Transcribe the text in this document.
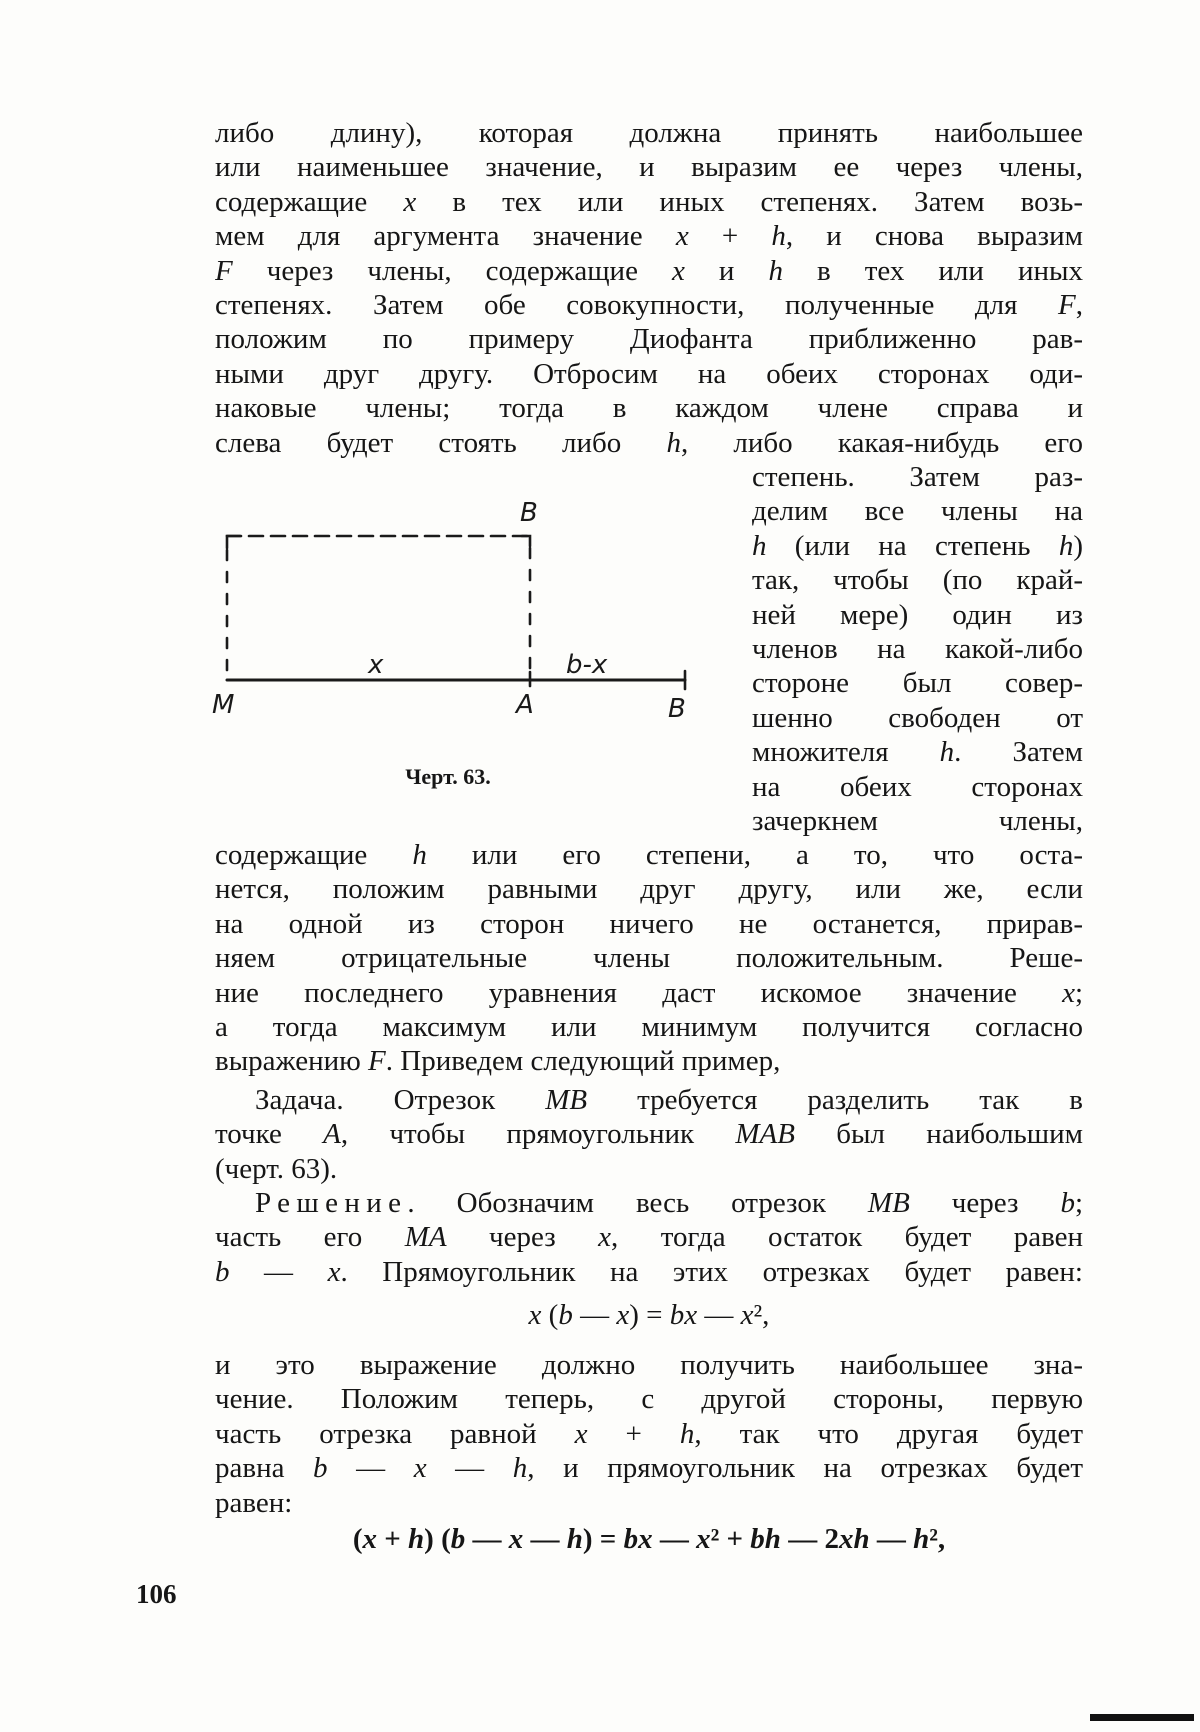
либо длину), которая должна принять наибольшее
или наименьшее значение, и выразим ее через члены,
содержащие x в тех или иных степенях. Затем возь-
мем для аргумента значение x + h, и снова выразим
F через члены, содержащие x и h в тех или иных
степенях. Затем обе совокупности, полученные для F,
положим по примеру Диофанта приближенно рав-
ными друг другу. Отбросим на обеих сторонах оди-
наковые члены; тогда в каждом члене справа и
слева будет стоять либо h, либо какая-нибудь его
степень. Затем раз-
делим все члены на
h (или на степень h)
так, чтобы (по край-
ней мере) один из
членов на какой-либо
стороне был совер-
шенно свободен от
множителя h. Затем
на обеих сторонах
зачеркнем члены,
содержащие h или его степени, а то, что оста-
нется, положим равными друг другу, или же, если
на одной из сторон ничего не останется, прирав-
няем отрицательные члены положительным. Реше-
ние последнего уравнения даст искомое значение x;
а тогда максимум или минимум получится согласно
выражению F. Приведем следующий пример,
Задача. Отрезок MB требуется разделить так в
точке A, чтобы прямоугольник MAB был наибольшим
(черт. 63).
Решение. Обозначим весь отрезок MB через b;
часть его MA через x, тогда остаток будет равен
b — x. Прямоугольник на этих отрезках будет равен:
x (b — x) = bx — x²,
и это выражение должно получить наибольшее зна-
чение. Положим теперь, с другой стороны, первую
часть отрезка равной x + h, так что другая будет
равна b — x — h, и прямоугольник на отрезках будет
равен:
(x + h) (b — x — h) = bx — x² + bh — 2xh — h²,
B
x	b-x
M	A	B
Черт. 63.
106
